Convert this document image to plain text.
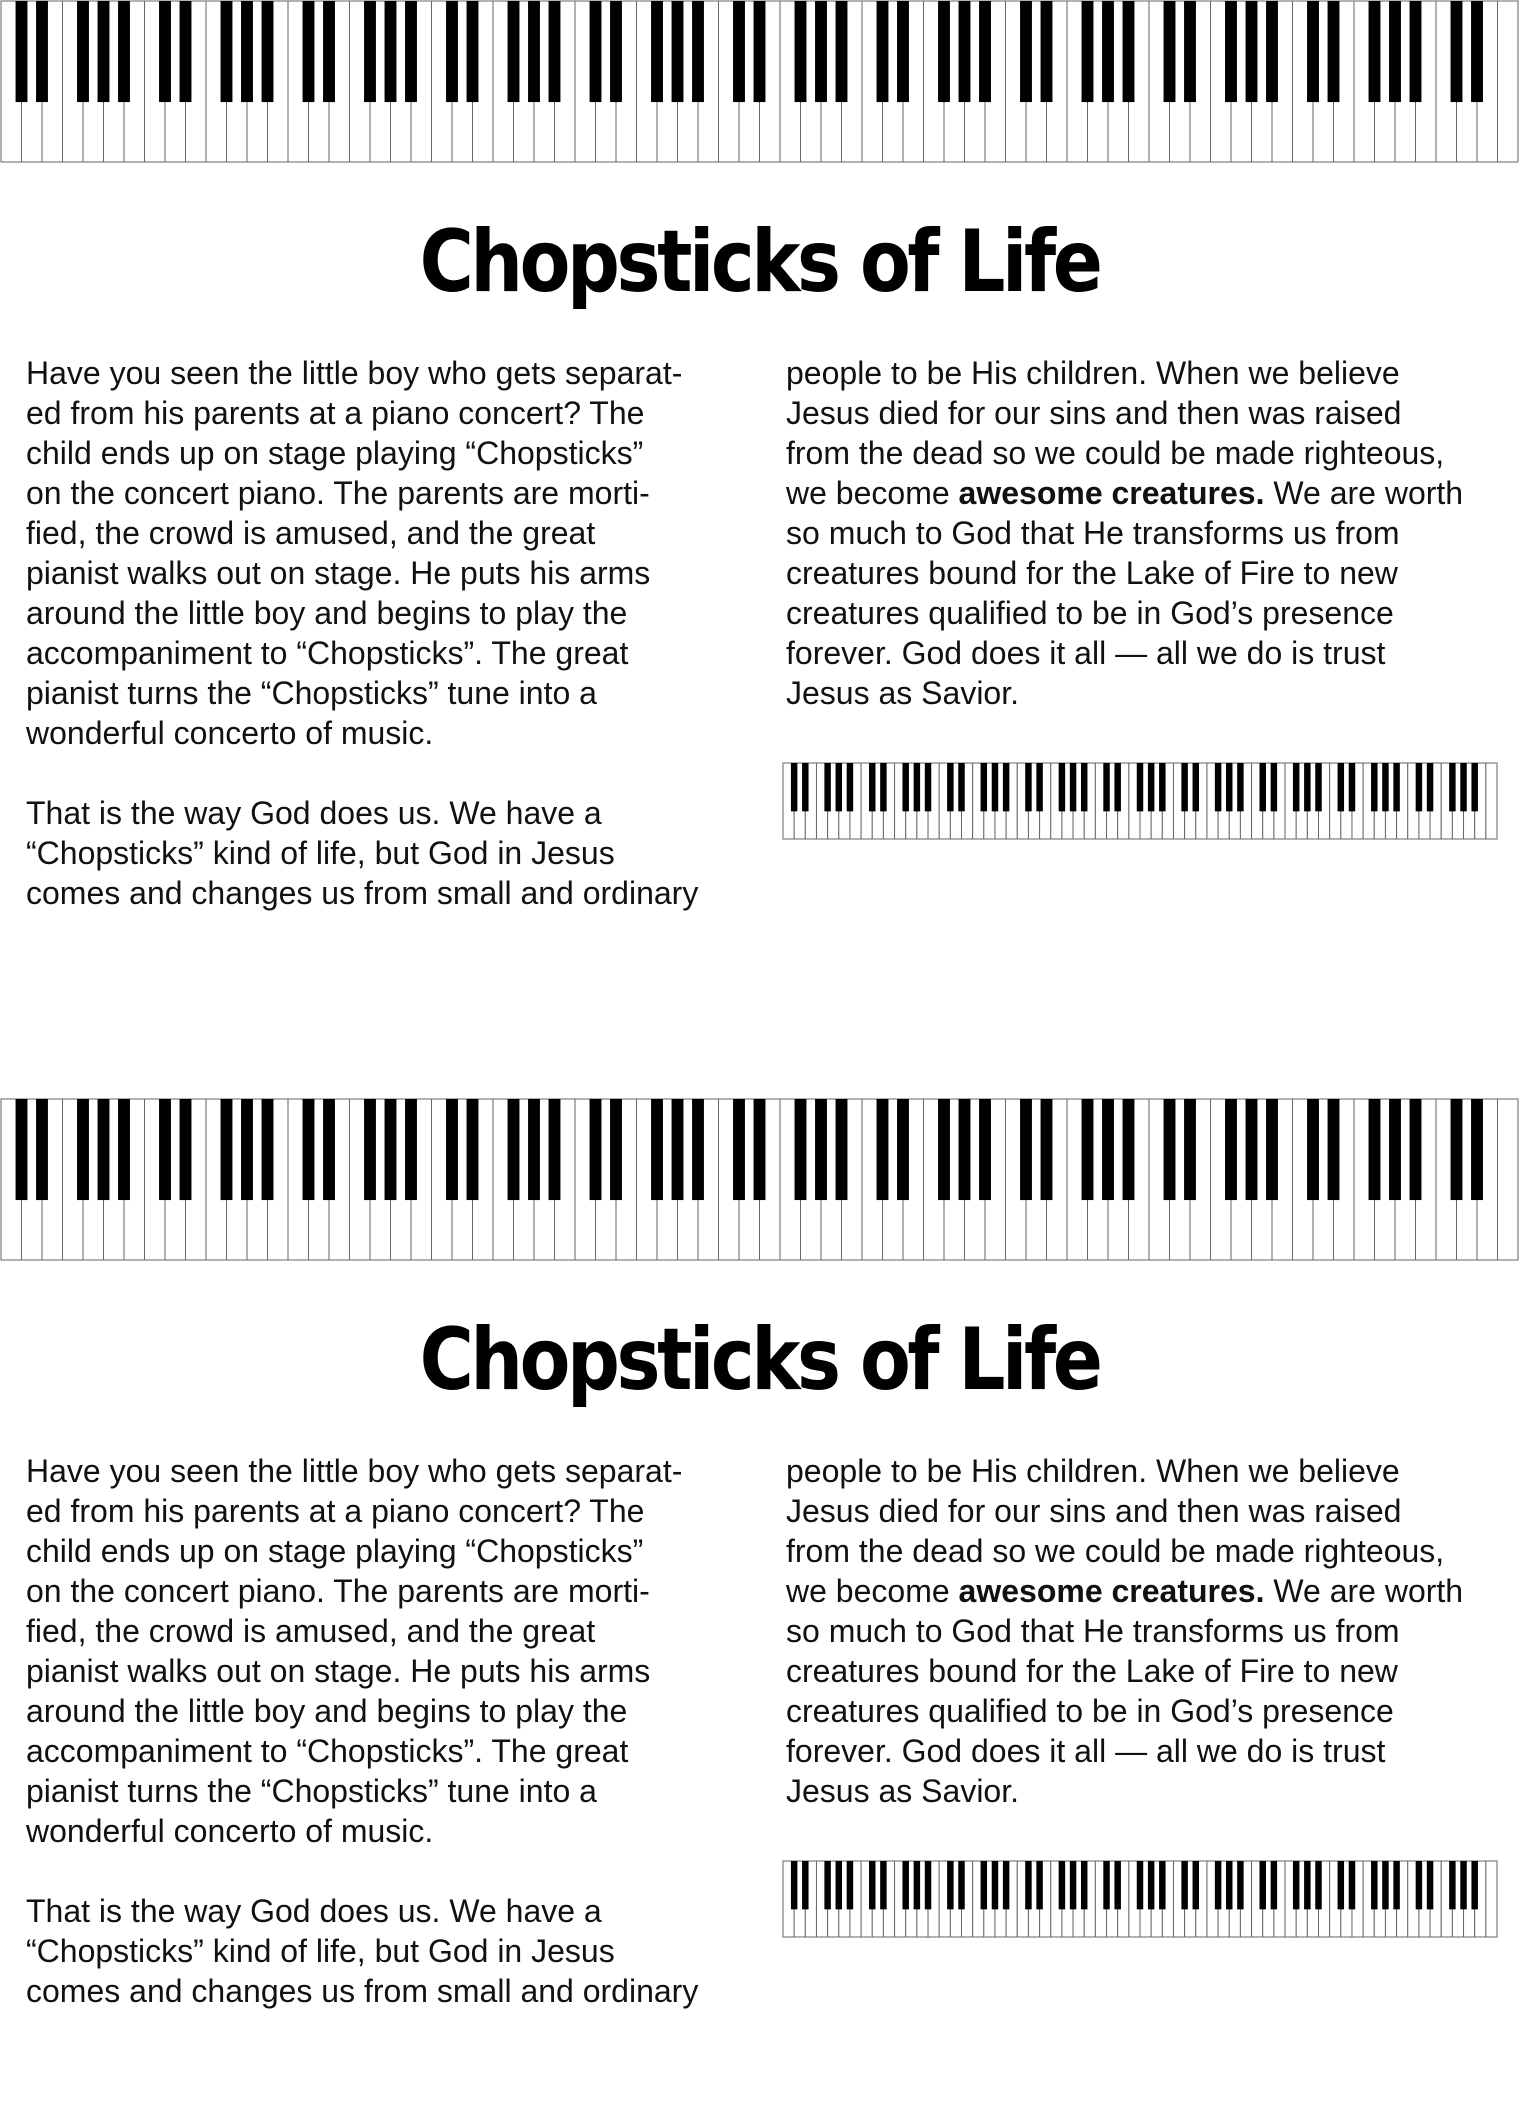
Chopsticks of Life

Have you seen the little boy who gets separat-
ed from his parents at a piano concert? The
child ends up on stage playing “Chopsticks”
on the concert piano. The parents are morti-
fied, the crowd is amused, and the great
pianist walks out on stage. He puts his arms
around the little boy and begins to play the
accompaniment to “Chopsticks”. The great
pianist turns the “Chopsticks” tune into a
wonderful concerto of music.

That is the way God does us. We have a
“Chopsticks” kind of life, but God in Jesus
comes and changes us from small and ordinary

people to be His children. When we believe
Jesus died for our sins and then was raised
from the dead so we could be made righteous,
we become awesome creatures. We are worth
so much to God that He transforms us from
creatures bound for the Lake of Fire to new
creatures qualified to be in God’s presence
forever. God does it all — all we do is trust
Jesus as Savior.

Chopsticks of Life

Have you seen the little boy who gets separat-
ed from his parents at a piano concert? The
child ends up on stage playing “Chopsticks”
on the concert piano. The parents are morti-
fied, the crowd is amused, and the great
pianist walks out on stage. He puts his arms
around the little boy and begins to play the
accompaniment to “Chopsticks”. The great
pianist turns the “Chopsticks” tune into a
wonderful concerto of music.

That is the way God does us. We have a
“Chopsticks” kind of life, but God in Jesus
comes and changes us from small and ordinary

people to be His children. When we believe
Jesus died for our sins and then was raised
from the dead so we could be made righteous,
we become awesome creatures. We are worth
so much to God that He transforms us from
creatures bound for the Lake of Fire to new
creatures qualified to be in God’s presence
forever. God does it all — all we do is trust
Jesus as Savior.
